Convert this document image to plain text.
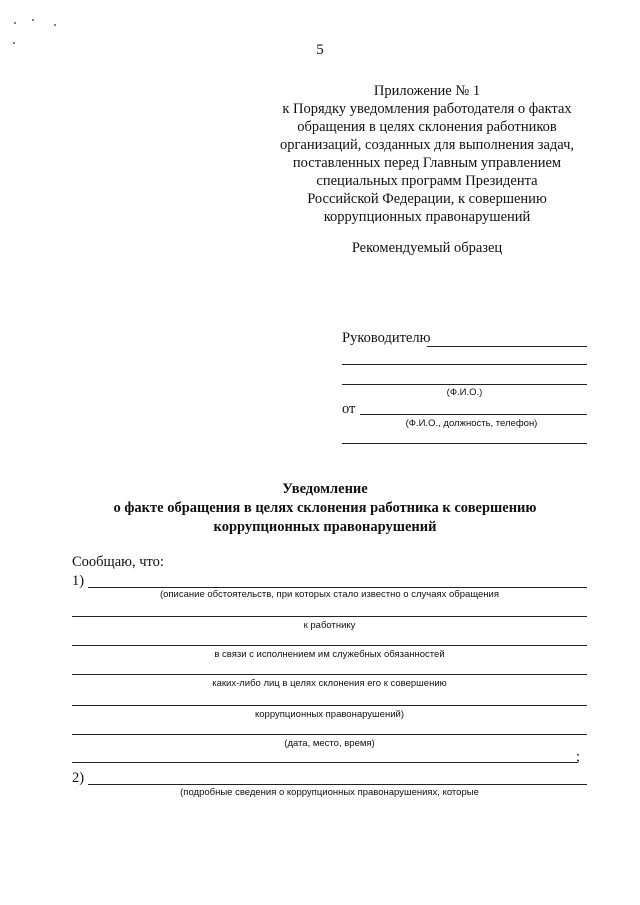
5
Приложение № 1
к Порядку уведомления работодателя о фактах
обращения в целях склонения работников
организаций, созданных для выполнения задач,
поставленных перед Главным управлением
специальных программ Президента
Российской Федерации, к совершению
коррупционных правонарушений
Рекомендуемый образец
Руководителю
(Ф.И.О.)
от
(Ф.И.О., должность, телефон)
Уведомление
о факте обращения в целях склонения работника к совершению
коррупционных правонарушений
Сообщаю, что:
1)
(описание обстоятельств, при которых стало известно о случаях обращения
к работнику
в связи с исполнением им служебных обязанностей
каких-либо лиц в целях склонения его к совершению
коррупционных правонарушений)
(дата, место, время)
;
2)
(подробные сведения о коррупционных правонарушениях, которые
